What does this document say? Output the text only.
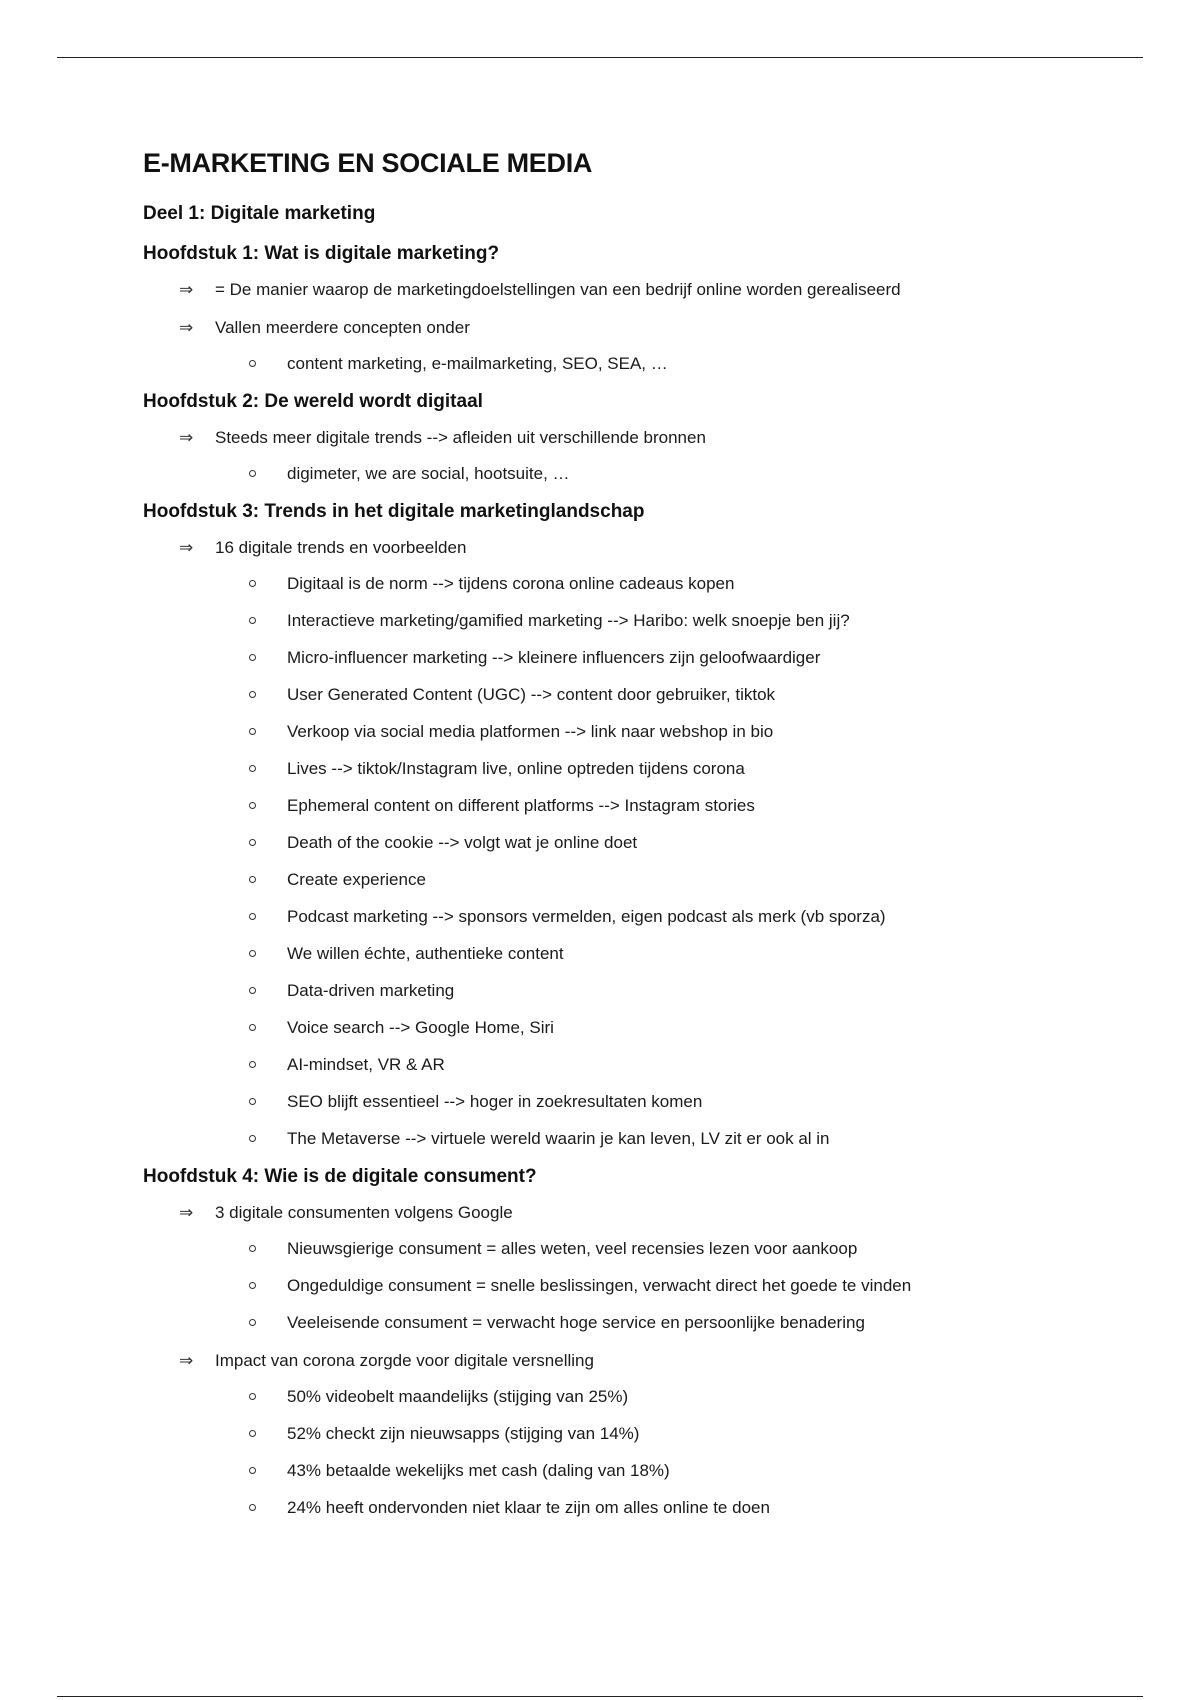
E-MARKETING EN SOCIALE MEDIA
Deel 1: Digitale marketing
Hoofdstuk 1: Wat is digitale marketing?
⇒ = De manier waarop de marketingdoelstellingen van een bedrijf online worden gerealiseerd
⇒ Vallen meerdere concepten onder
content marketing, e-mailmarketing, SEO, SEA, …
Hoofdstuk 2: De wereld wordt digitaal
⇒ Steeds meer digitale trends --> afleiden uit verschillende bronnen
digimeter, we are social, hootsuite, …
Hoofdstuk 3: Trends in het digitale marketinglandschap
⇒ 16 digitale trends en voorbeelden
Digitaal is de norm --> tijdens corona online cadeaus kopen
Interactieve marketing/gamified marketing --> Haribo: welk snoepje ben jij?
Micro-influencer marketing --> kleinere influencers zijn geloofwaardiger
User Generated Content (UGC) --> content door gebruiker, tiktok
Verkoop via social media platformen --> link naar webshop in bio
Lives --> tiktok/Instagram live, online optreden tijdens corona
Ephemeral content on different platforms --> Instagram stories
Death of the cookie --> volgt wat je online doet
Create experience
Podcast marketing --> sponsors vermelden, eigen podcast als merk (vb sporza)
We willen échte, authentieke content
Data-driven marketing
Voice search --> Google Home, Siri
AI-mindset, VR & AR
SEO blijft essentieel --> hoger in zoekresultaten komen
The Metaverse --> virtuele wereld waarin je kan leven, LV zit er ook al in
Hoofdstuk 4: Wie is de digitale consument?
⇒ 3 digitale consumenten volgens Google
Nieuwsgierige consument = alles weten, veel recensies lezen voor aankoop
Ongeduldige consument = snelle beslissingen, verwacht direct het goede te vinden
Veeleisende consument = verwacht hoge service en persoonlijke benadering
⇒ Impact van corona zorgde voor digitale versnelling
50% videobelt maandelijks (stijging van 25%)
52% checkt zijn nieuwsapps (stijging van 14%)
43% betaalde wekelijks met cash (daling van 18%)
24% heeft ondervonden niet klaar te zijn om alles online te doen
